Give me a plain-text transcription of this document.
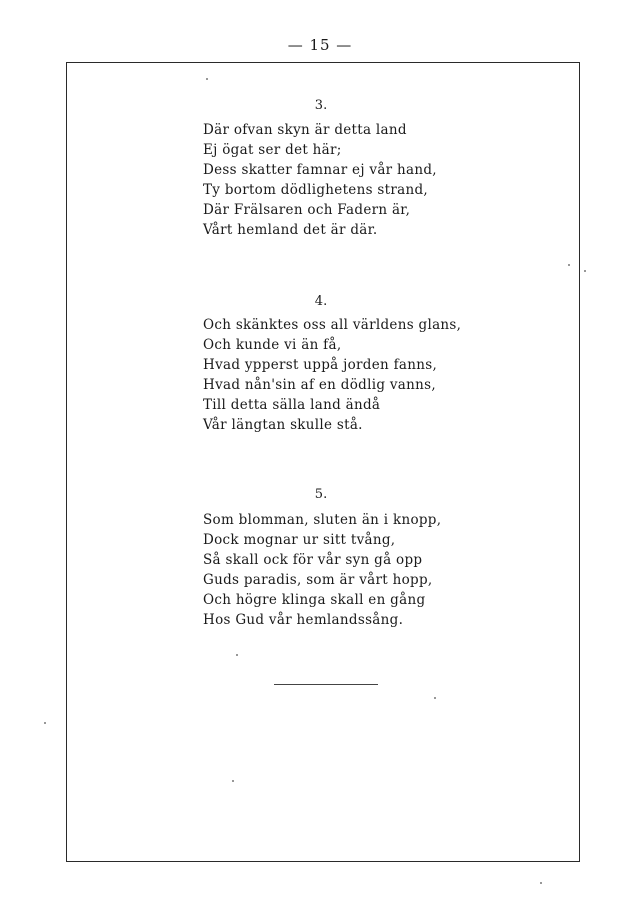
— 15 —
3.
Där ofvan skyn är detta land
Ej ögat ser det här;
Dess skatter famnar ej vår hand,
Ty bortom dödlighetens strand,
Där Frälsaren och Fadern är,
Vårt hemland det är där.
4.
Och skänktes oss all världens glans,
Och kunde vi än få,
Hvad ypperst uppå jorden fanns,
Hvad nån'sin af en dödlig vanns,
Till detta sälla land ändå
Vår längtan skulle stå.
5.
Som blomman, sluten än i knopp,
Dock mognar ur sitt tvång,
Så skall ock för vår syn gå opp
Guds paradis, som är vårt hopp,
Och högre klinga skall en gång
Hos Gud vår hemlandssång.
